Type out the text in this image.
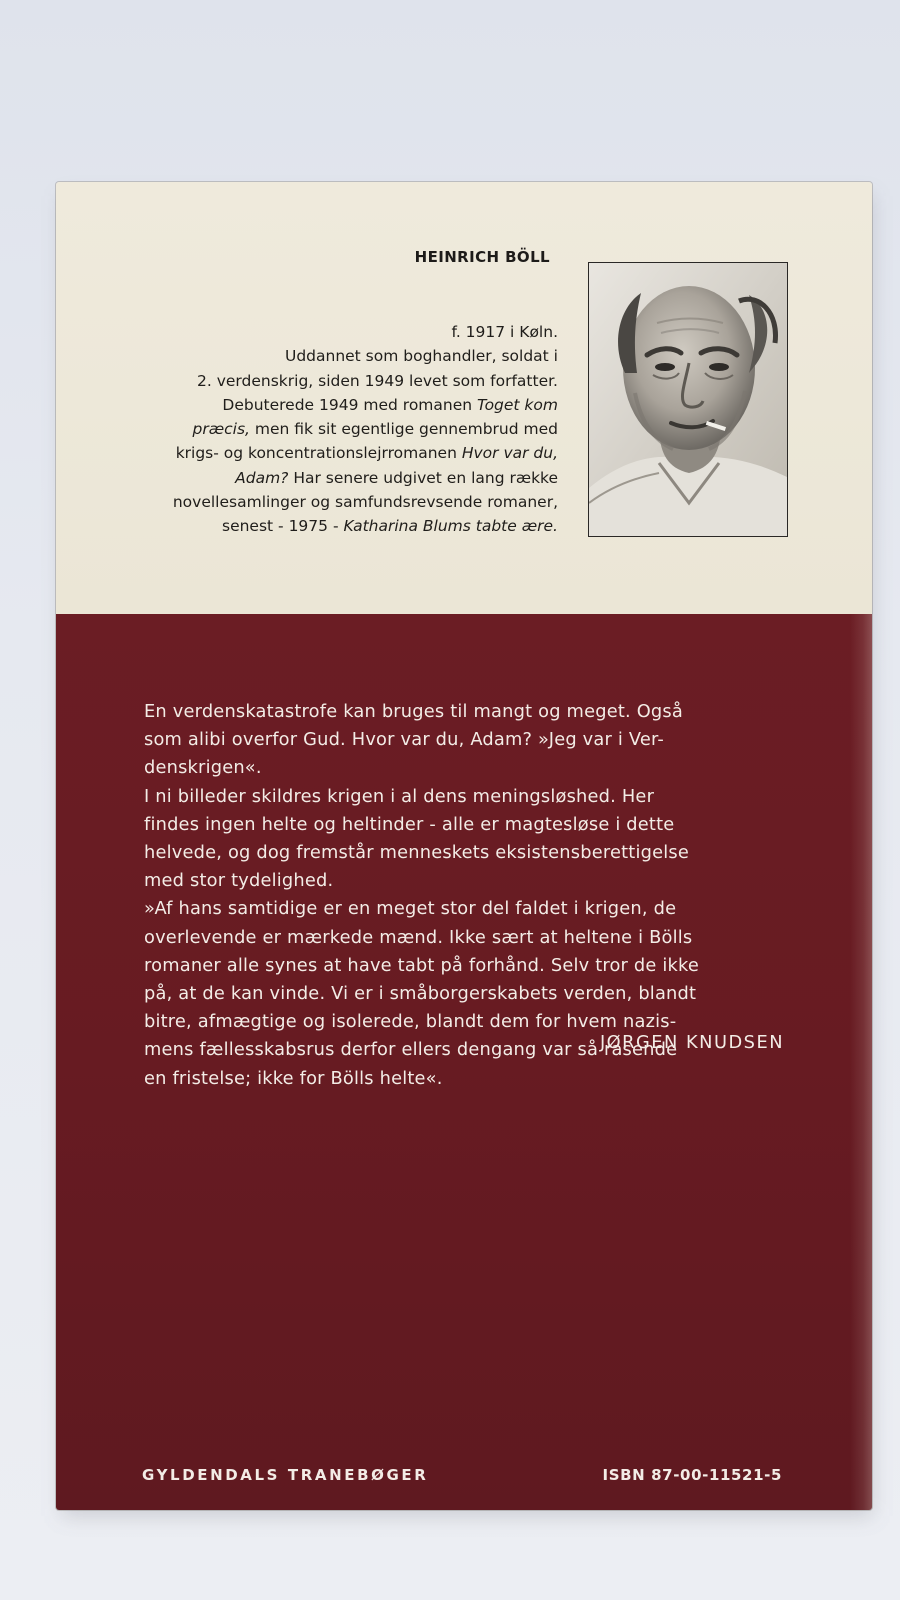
HEINRICH BÖLL
f. 1917 i Køln.
Uddannet som boghandler, soldat i
2. verdenskrig, siden 1949 levet som forfatter.
Debuterede 1949 med romanen Toget kom
præcis, men fik sit egentlige gennembrud med
krigs- og koncentrationslejrromanen Hvor var du,
Adam? Har senere udgivet en lang række
novellesamlinger og samfundsrevsende romaner,
senest - 1975 - Katharina Blums tabte ære.
En verdenskatastrofe kan bruges til mangt og meget. Også
som alibi overfor Gud. Hvor var du, Adam? »Jeg var i Ver-
denskrigen«.
I ni billeder skildres krigen i al dens meningsløshed. Her
findes ingen helte og heltinder - alle er magtesløse i dette
helvede, og dog fremstår menneskets eksistensberettigelse
med stor tydelighed.
»Af hans samtidige er en meget stor del faldet i krigen, de
overlevende er mærkede mænd. Ikke sært at heltene i Bölls
romaner alle synes at have tabt på forhånd. Selv tror de ikke
på, at de kan vinde. Vi er i småborgerskabets verden, blandt
bitre, afmægtige og isolerede, blandt dem for hvem nazis-
mens fællesskabsrus derfor ellers dengang var så rasende
en fristelse; ikke for Bölls helte«.
JØRGEN KNUDSEN
GYLDENDALS TRANEBØGER	ISBN 87-00-11521-5
